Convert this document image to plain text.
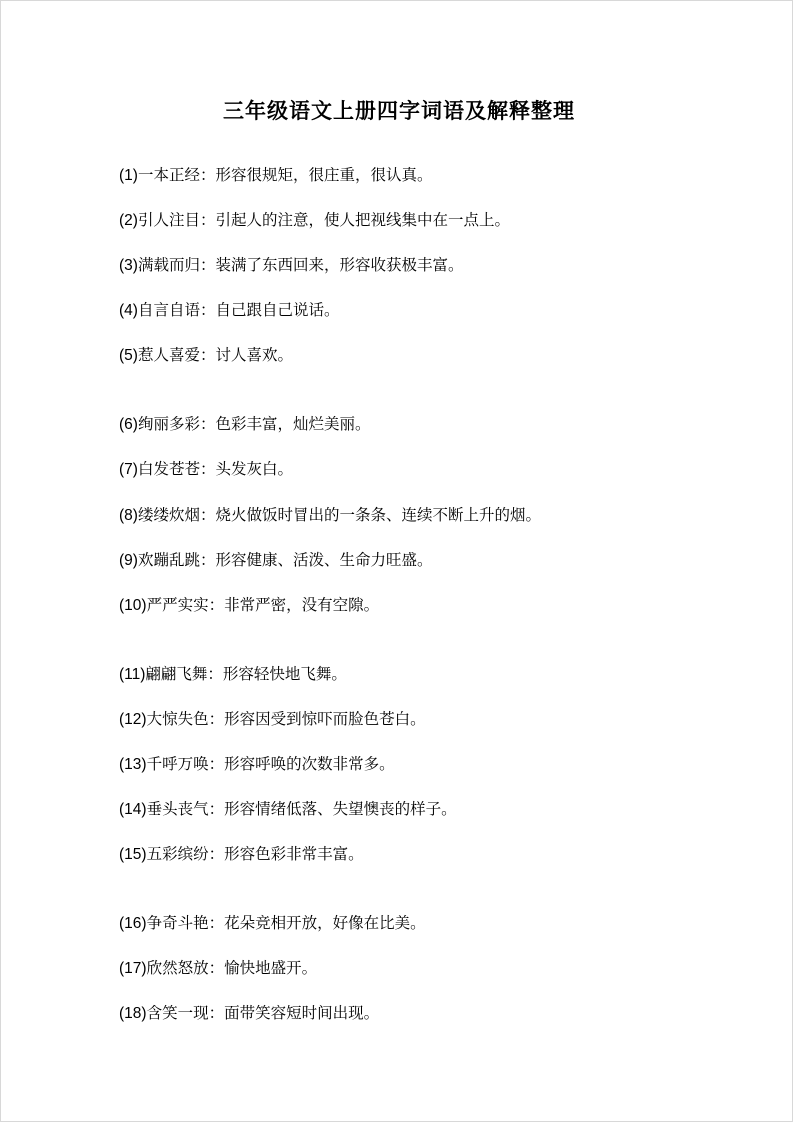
三年级语文上册四字词语及解释整理

(1)一本正经：形容很规矩，很庄重，很认真。

(2)引人注目：引起人的注意，使人把视线集中在一点上。

(3)满载而归：装满了东西回来，形容收获极丰富。

(4)自言自语：自己跟自己说话。

(5)惹人喜爱：讨人喜欢。

(6)绚丽多彩：色彩丰富，灿烂美丽。

(7)白发苍苍：头发灰白。

(8)缕缕炊烟：烧火做饭时冒出的一条条、连续不断上升的烟。

(9)欢蹦乱跳：形容健康、活泼、生命力旺盛。

(10)严严实实：非常严密，没有空隙。

(11)翩翩飞舞：形容轻快地飞舞。

(12)大惊失色：形容因受到惊吓而脸色苍白。

(13)千呼万唤：形容呼唤的次数非常多。

(14)垂头丧气：形容情绪低落、失望懊丧的样子。

(15)五彩缤纷：形容色彩非常丰富。

(16)争奇斗艳：花朵竞相开放，好像在比美。

(17)欣然怒放：愉快地盛开。

(18)含笑一现：面带笑容短时间出现。
